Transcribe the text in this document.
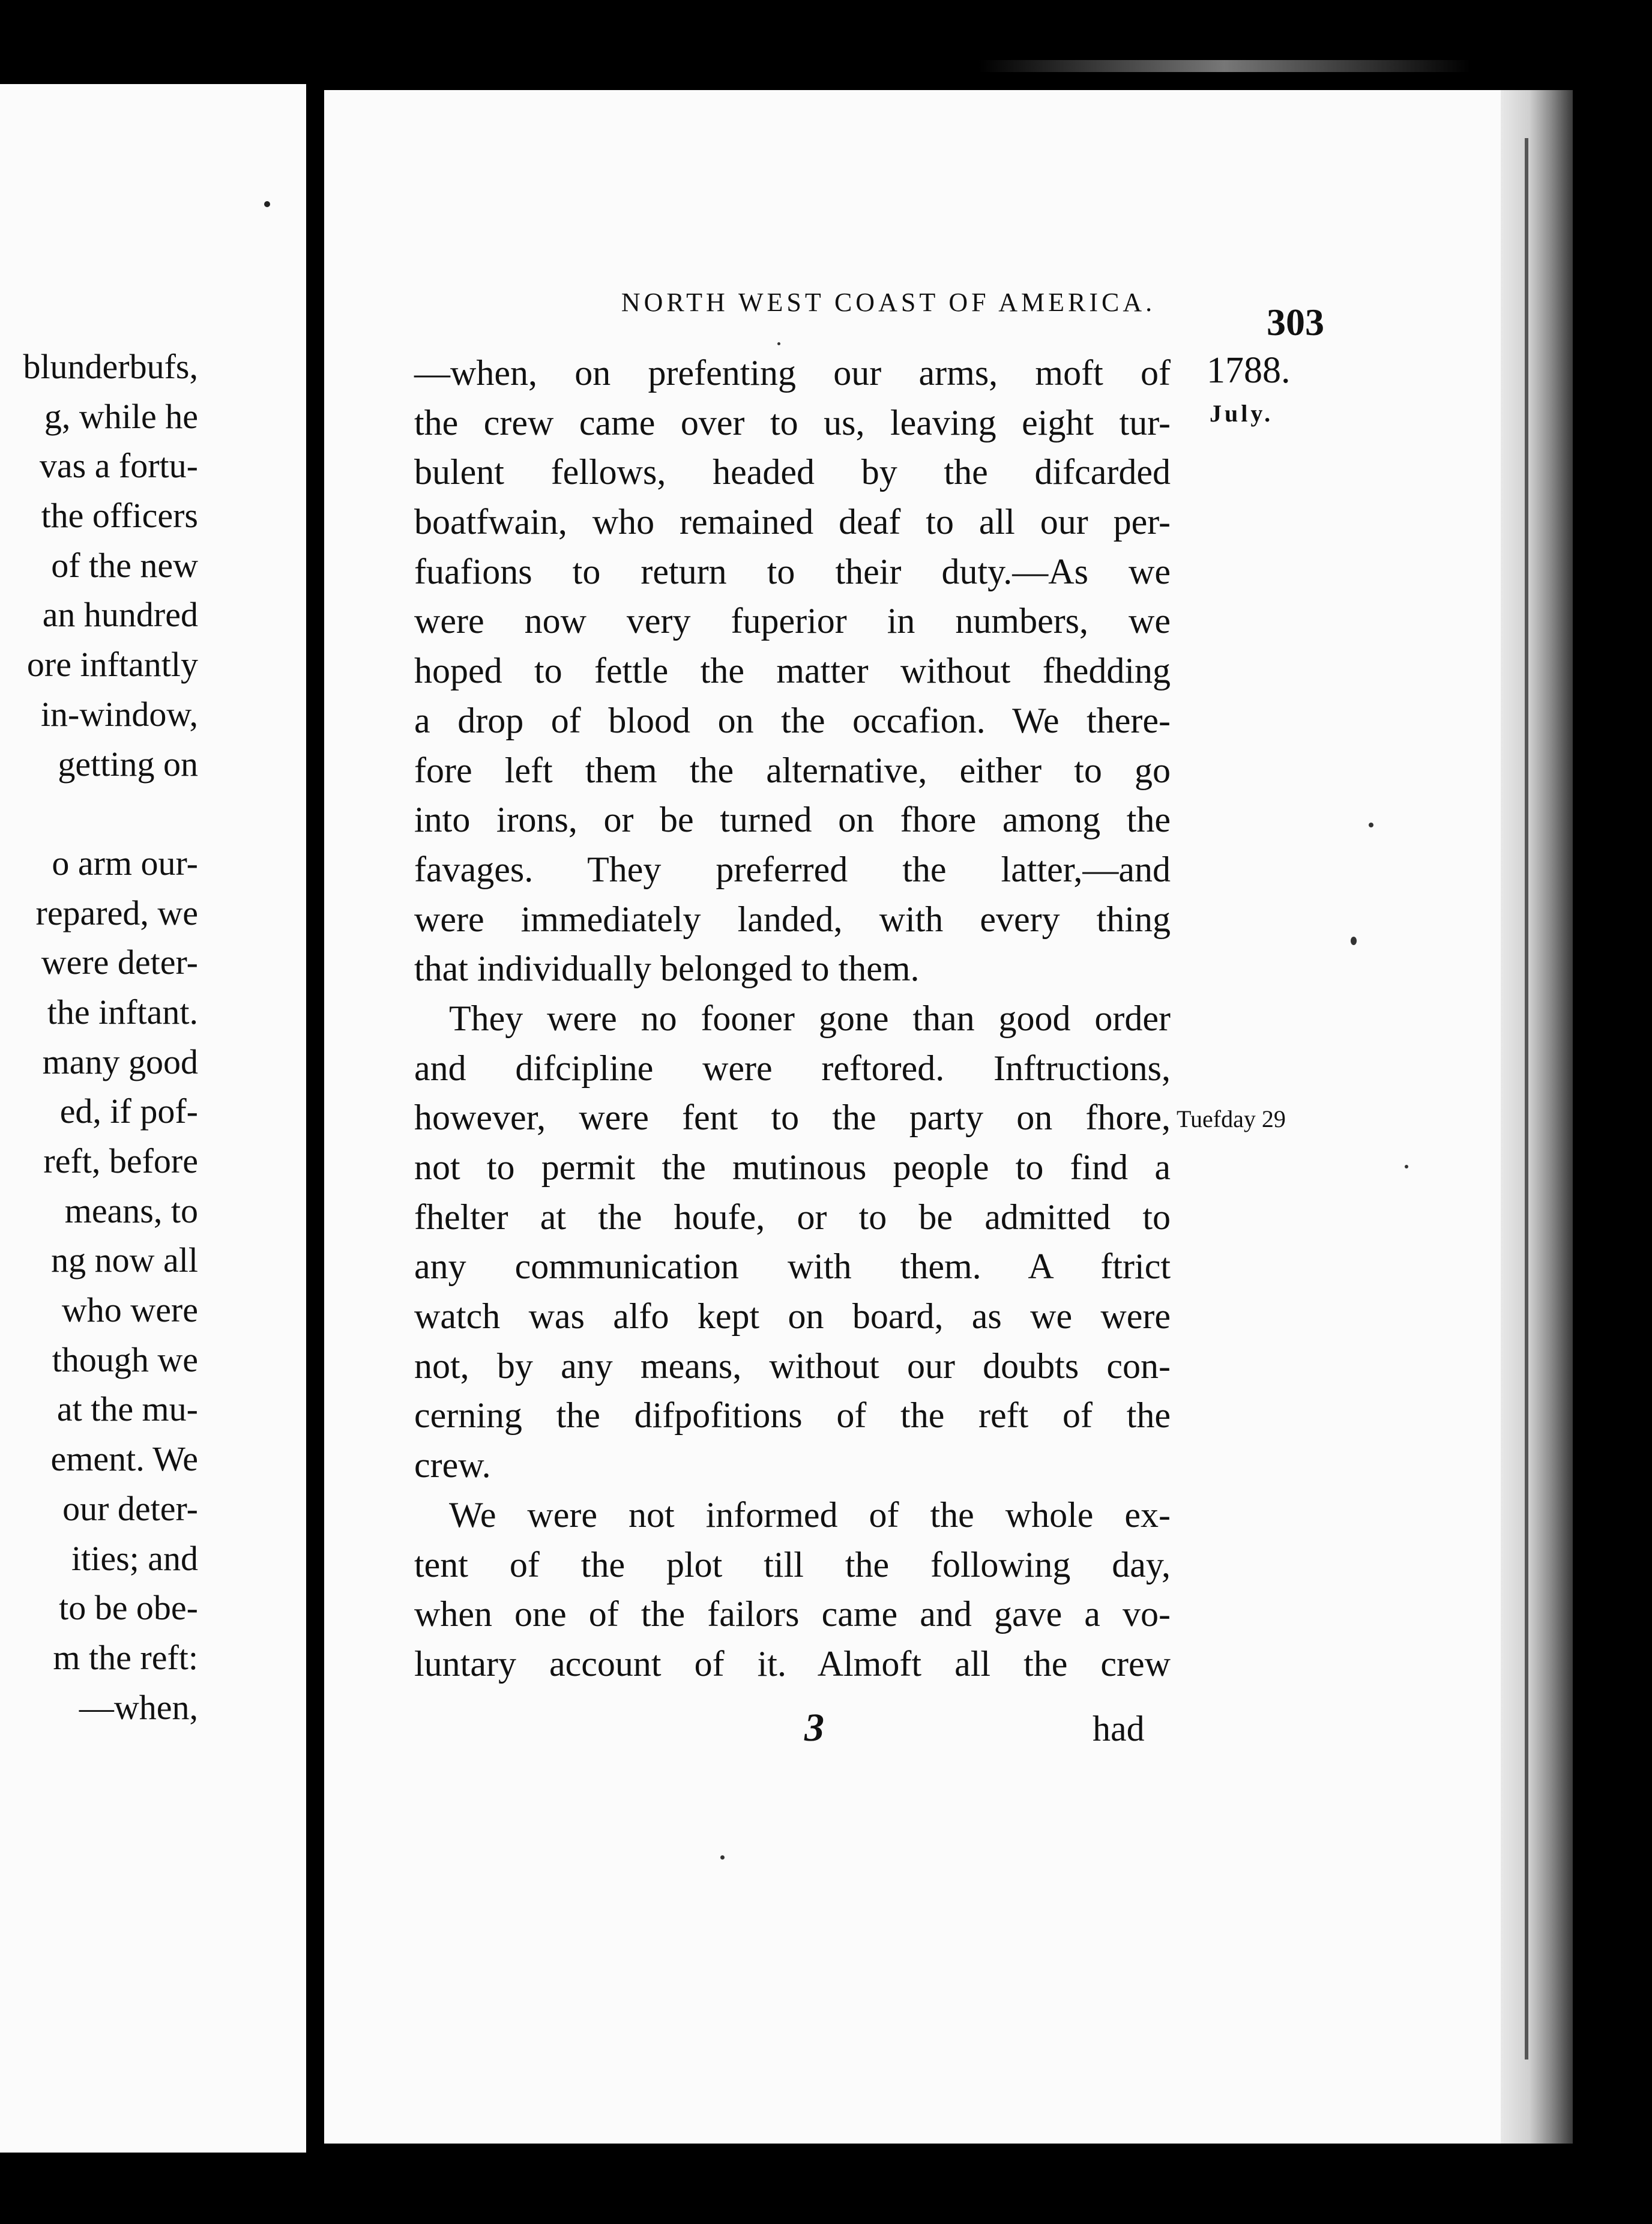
blunderbufs,
g, while he
vas a fortu-
the officers
of the new
an hundred
ore inftantly
in-window,
getting on
o arm our-
repared, we
were deter-
the inftant.
many good
ed, if pof-
reft, before
means, to
ng now all
who were
though we
at the mu-
ement. We
our deter-
ities; and
to be obe-
m the reft:
—when,
NORTH WEST COAST OF AMERICA.	303
1788.
July.
Tuefday 29
—when, on prefenting our arms, moft of
the crew came over to us, leaving eight tur-
bulent fellows, headed by the difcarded
boatfwain, who remained deaf to all our per-
fuafions to return to their duty.—As we
were now very fuperior in numbers, we
hoped to fettle the matter without fhedding
a drop of blood on the occafion. We there-
fore left them the alternative, either to go
into irons, or be turned on fhore among the
favages. They preferred the latter,—and
were immediately landed, with every thing
that individually belonged to them.
They were no fooner gone than good order
and difcipline were reftored. Inftructions,
however, were fent to the party on fhore,
not to permit the mutinous people to find a
fhelter at the houfe, or to be admitted to
any communication with them. A ftrict
watch was alfo kept on board, as we were
not, by any means, without our doubts con-
cerning the difpofitions of the reft of the
crew.
We were not informed of the whole ex-
tent of the plot till the following day,
when one of the failors came and gave a vo-
luntary account of it. Almoft all the crew
3	had
